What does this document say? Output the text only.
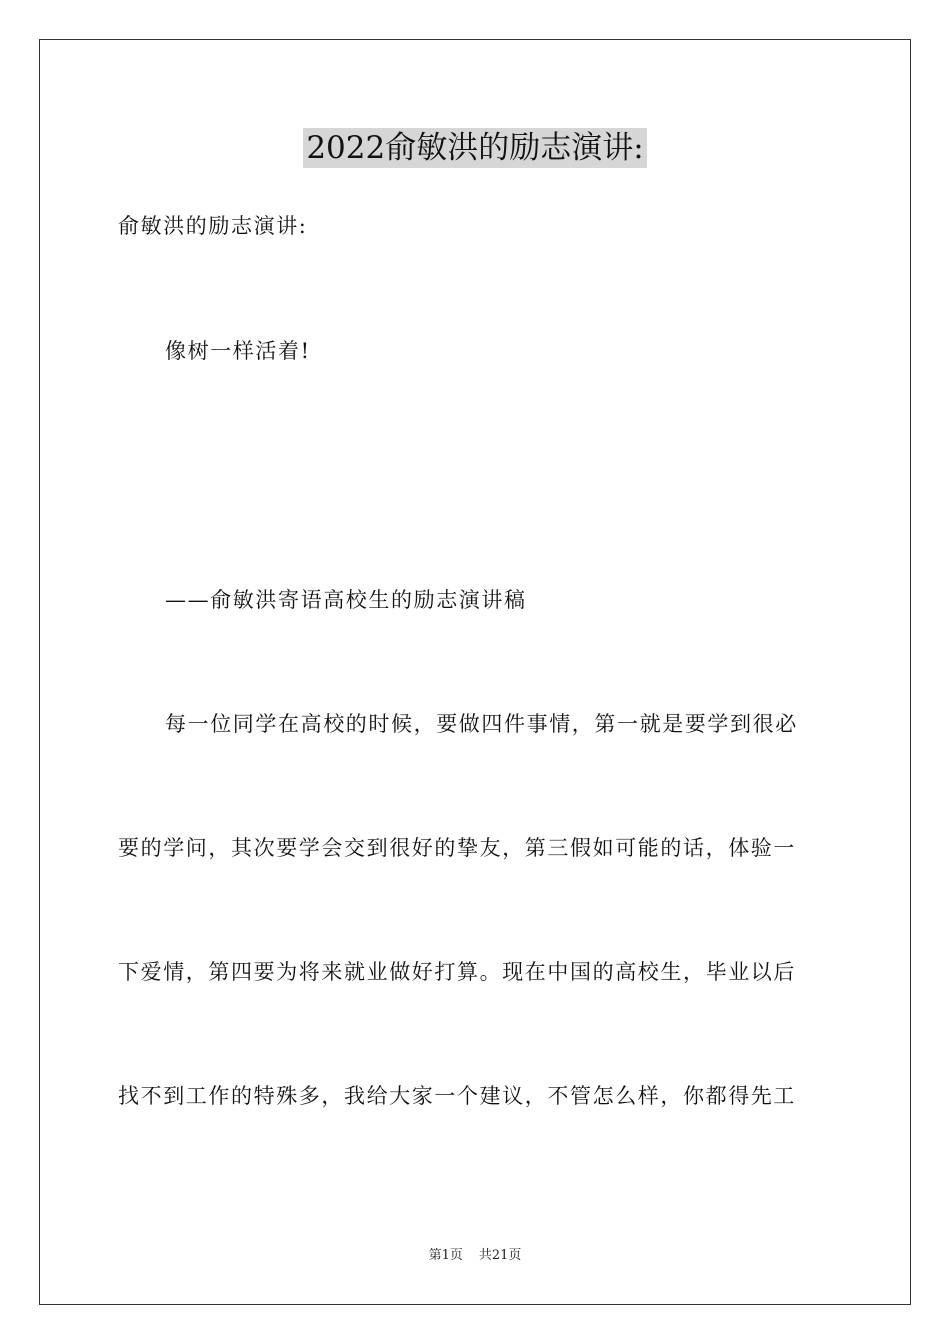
2022俞敏洪的励志演讲:
俞敏洪的励志演讲:
像树一样活着!
——俞敏洪寄语高校生的励志演讲稿
每一位同学在高校的时候，要做四件事情，第一就是要学到很必
要的学问，其次要学会交到很好的挚友，第三假如可能的话，体验一
下爱情，第四要为将来就业做好打算。现在中国的高校生，毕业以后
找不到工作的特殊多，我给大家一个建议，不管怎么样，你都得先工
第1页 共21页
